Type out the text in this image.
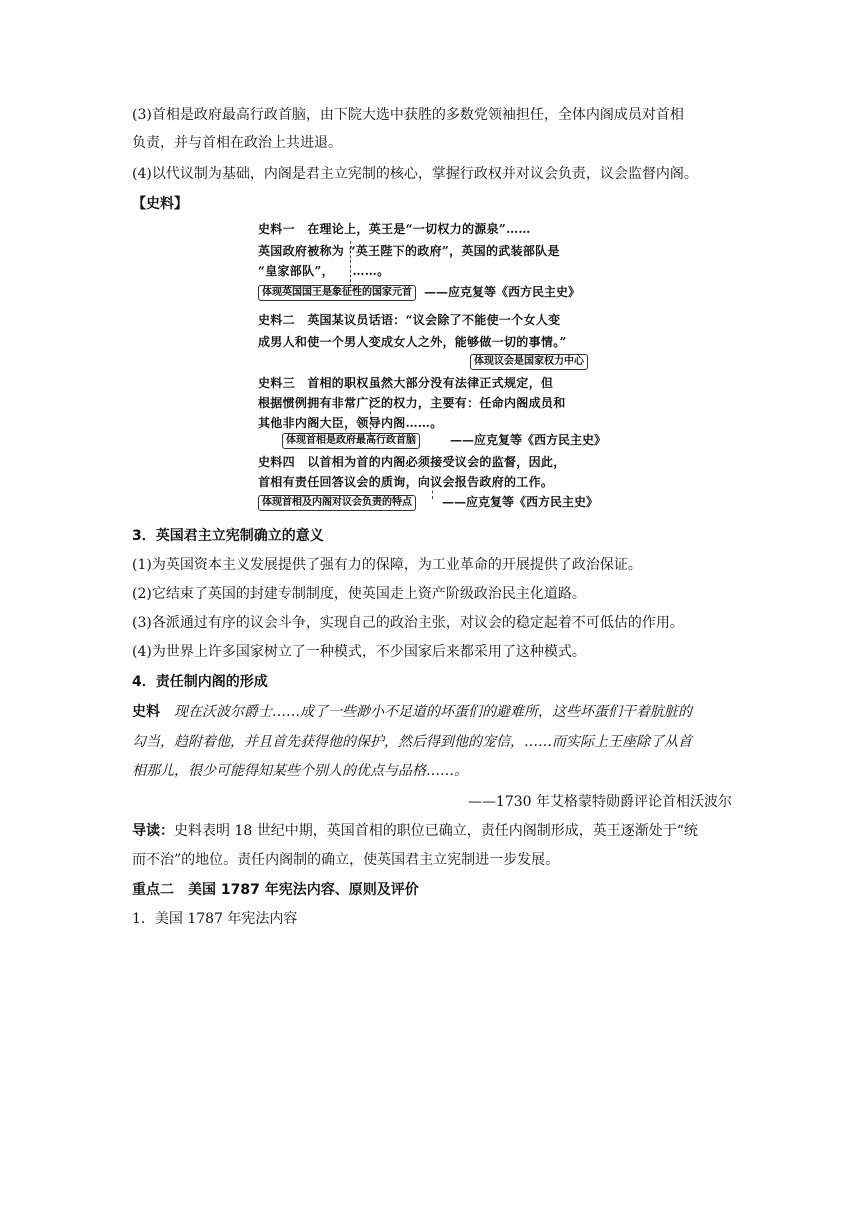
(3)首相是政府最高行政首脑，由下院大选中获胜的多数党领袖担任，全体内阁成员对首相

负责，并与首相在政治上共进退。

(4)以代议制为基础，内阁是君主立宪制的核心，掌握行政权并对议会负责，议会监督内阁。

【史料】

史料一　在理论上，英王是“一切权力的源泉”……
英国政府被称为 “英王陛下的政府”，英国的武装部队是
“皇家部队”，　　……。
体现英国国王是象征性的国家元首	——应克复等《西方民主史》
史料二　英国某议员话语：“议会除了不能使一个女人变
成男人和使一个男人变成女人之外，能够做一切的事情。”
体现议会是国家权力中心
史料三　首相的职权虽然大部分没有法律正式规定，但
根据惯例拥有非常广泛的权力，主要有：任命内阁成员和
其他非内阁大臣，领导内阁……。
体现首相是政府最高行政首脑	——应克复等《西方民主史》
史料四　以首相为首的内阁必须接受议会的监督，因此，
首相有责任回答议会的质询，向议会报告政府的工作。
体现首相及内阁对议会负责的特点	——应克复等《西方民主史》

3．英国君主立宪制确立的意义

(1)为英国资本主义发展提供了强有力的保障，为工业革命的开展提供了政治保证。

(2)它结束了英国的封建专制制度，使英国走上资产阶级政治民主化道路。

(3)各派通过有序的议会斗争，实现自己的政治主张，对议会的稳定起着不可低估的作用。

(4)为世界上许多国家树立了一种模式，不少国家后来都采用了这种模式。

4．责任制内阁的形成

史料　现在沃波尔爵士……成了一些渺小不足道的坏蛋们的避难所，这些坏蛋们干着肮脏的

勾当，趋附着他，并且首先获得他的保护，然后得到他的宠信，……而实际上王座除了从首

相那儿，很少可能得知某些个别人的优点与品格……。

——1730 年艾格蒙特勋爵评论首相沃波尔

导读：史料表明 18 世纪中期，英国首相的职位已确立，责任内阁制形成，英王逐渐处于“统

而不治”的地位。责任内阁制的确立，使英国君主立宪制进一步发展。

重点二　美国 1787 年宪法内容、原则及评价

1．美国 1787 年宪法内容
